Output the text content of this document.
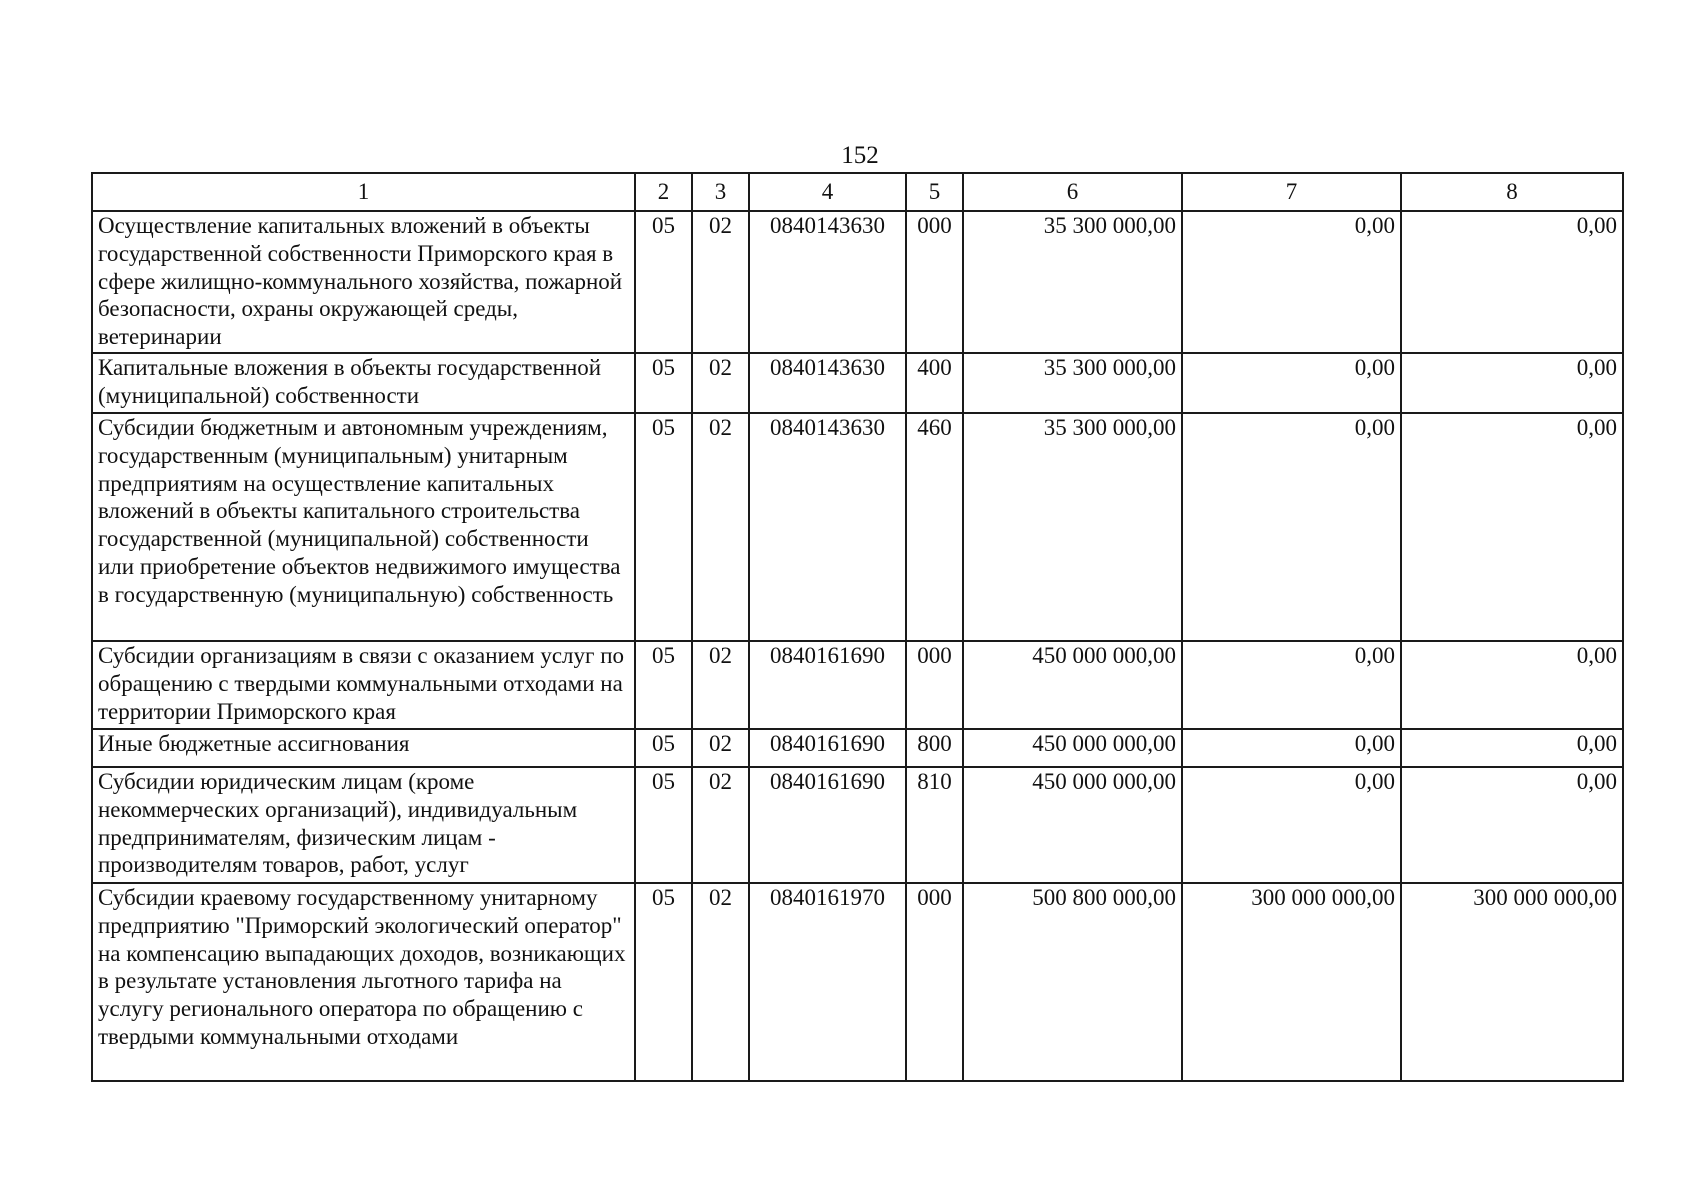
152
1	2	3	4	5	6	7	8
Осуществление капитальных вложений в объекты государственной собственности Приморского края в сфере жилищно-коммунального хозяйства, пожарной безопасности, охраны окружающей среды, ветеринарии	05	02	0840143630	000	35 300 000,00	0,00	0,00
Капитальные вложения в объекты государственной (муниципальной) собственности	05	02	0840143630	400	35 300 000,00	0,00	0,00
Субсидии бюджетным и автономным учреждениям, государственным (муниципальным) унитарным предприятиям на осуществление капитальных вложений в объекты капитального строительства государственной (муниципальной) собственности или приобретение объектов недвижимого имущества в государственную (муниципальную) собственность	05	02	0840143630	460	35 300 000,00	0,00	0,00
Субсидии организациям в связи с оказанием услуг по обращению с твердыми коммунальными отходами на территории Приморского края	05	02	0840161690	000	450 000 000,00	0,00	0,00
Иные бюджетные ассигнования	05	02	0840161690	800	450 000 000,00	0,00	0,00
Субсидии юридическим лицам (кроме некоммерческих организаций), индивидуальным предпринимателям, физическим лицам - производителям товаров, работ, услуг	05	02	0840161690	810	450 000 000,00	0,00	0,00
Субсидии краевому государственному унитарному предприятию "Приморский экологический оператор" на компенсацию выпадающих доходов, возникающих в результате установления льготного тарифа на услугу регионального оператора по обращению с твердыми коммунальными отходами	05	02	0840161970	000	500 800 000,00	300 000 000,00	300 000 000,00
